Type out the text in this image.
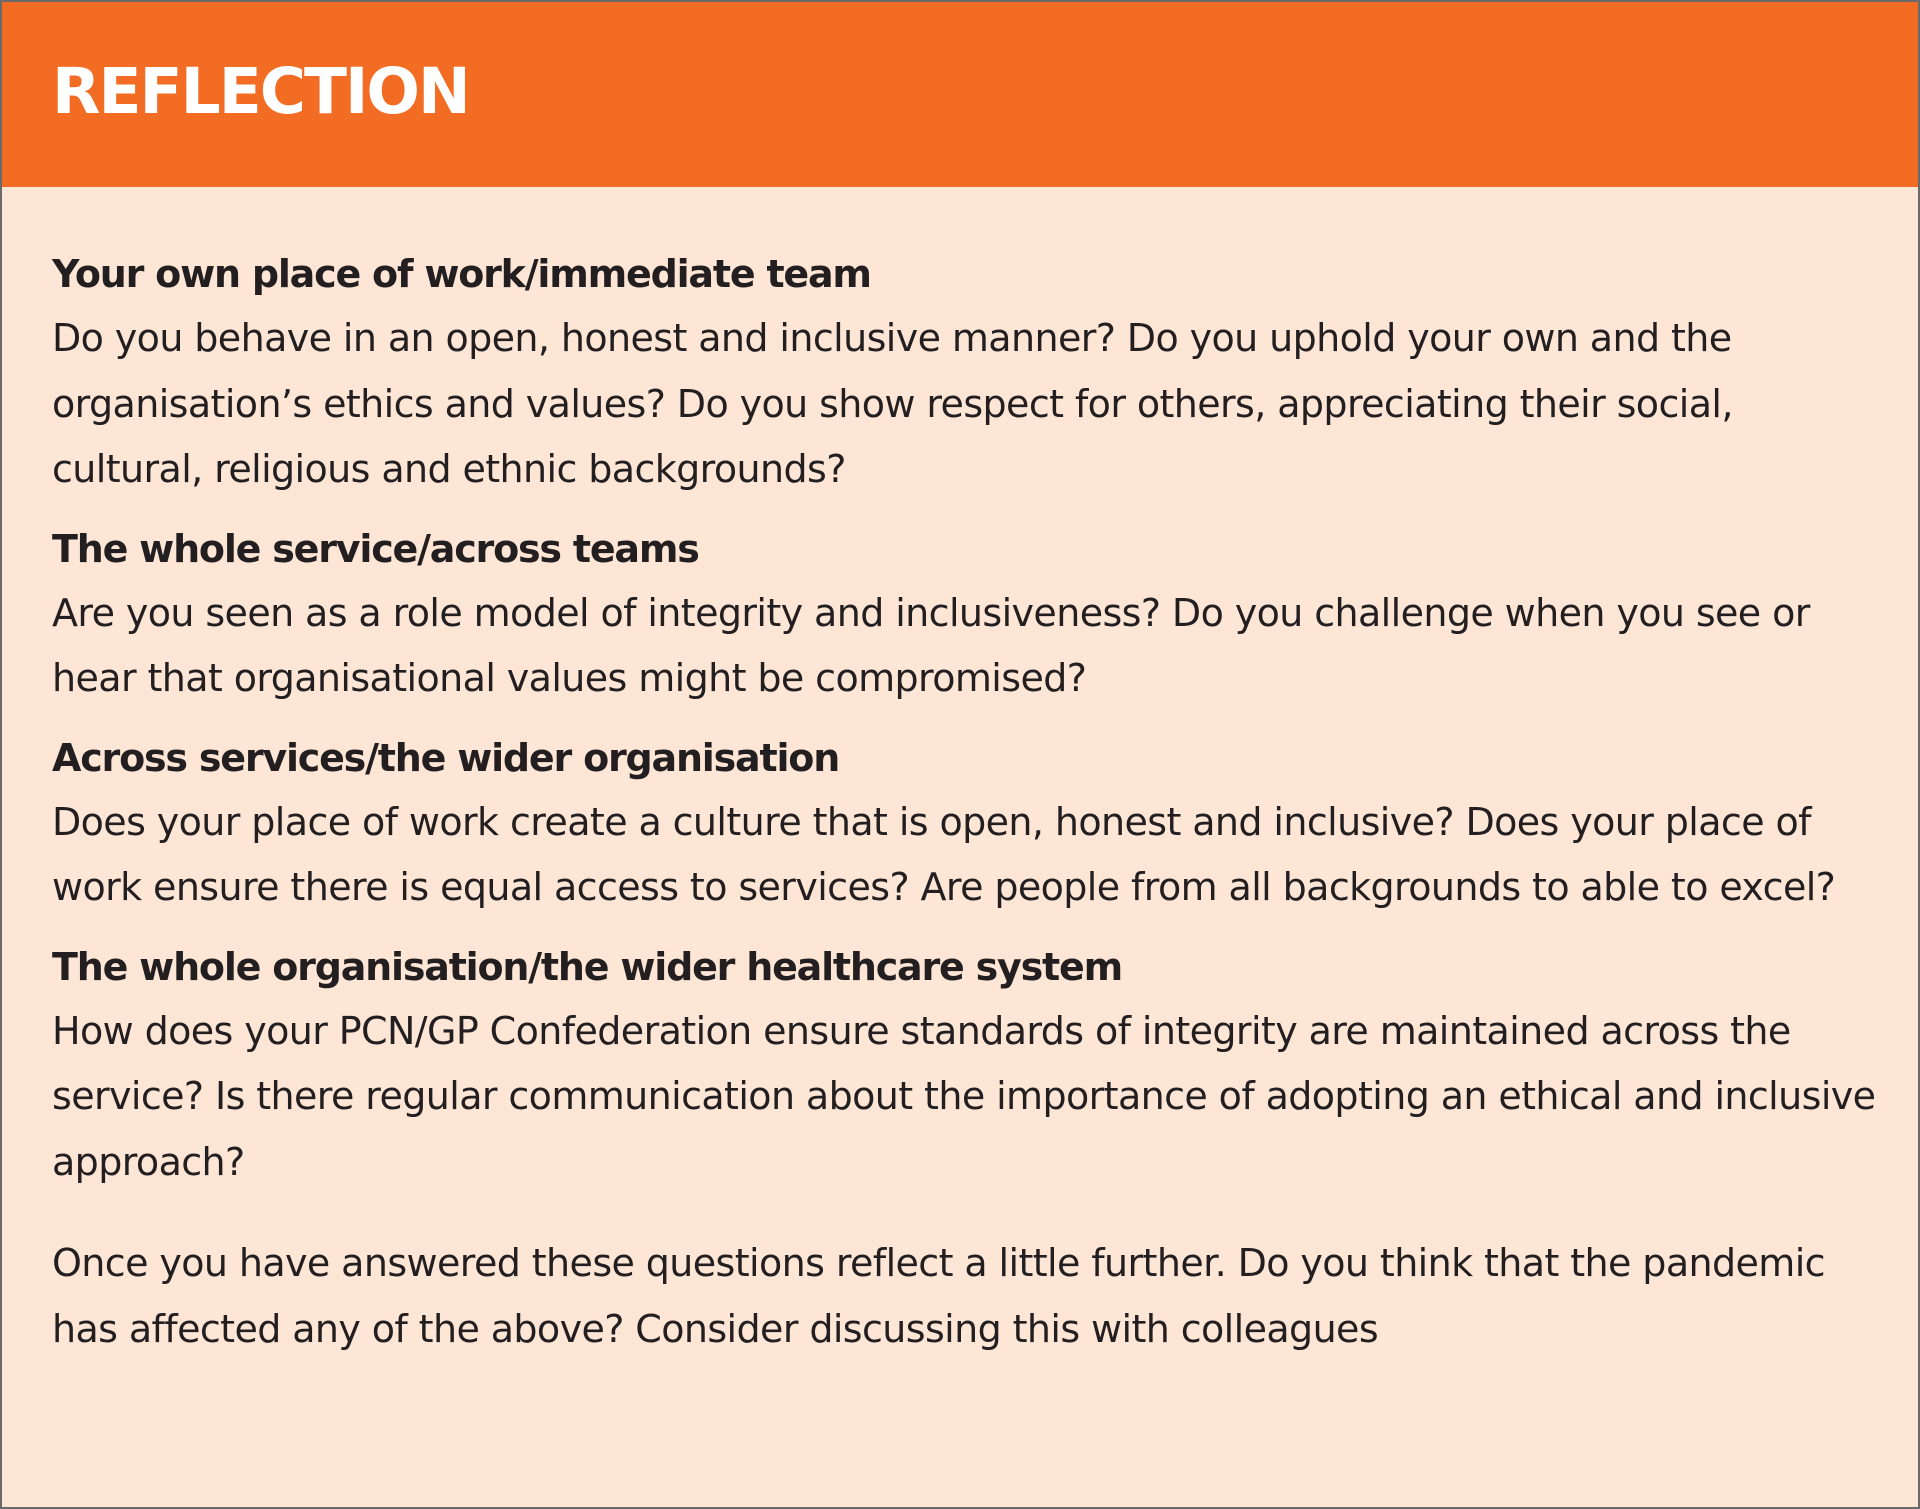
REFLECTION
Your own place of work/immediate team

Do you behave in an open, honest and inclusive manner? Do you uphold your own and the organisation’s ethics and values? Do you show respect for others, appreciating their social, cultural, religious and ethnic backgrounds?

The whole service/across teams

Are you seen as a role model of integrity and inclusiveness? Do you challenge when you see or hear that organisational values might be compromised?

Across services/the wider organisation

Does your place of work create a culture that is open, honest and inclusive? Does your place of work ensure there is equal access to services? Are people from all backgrounds to able to excel?

The whole organisation/the wider healthcare system

How does your PCN/GP Confederation ensure standards of integrity are maintained across the service? Is there regular communication about the importance of adopting an ethical and inclusive approach?

Once you have answered these questions reflect a little further. Do you think that the pandemic has affected any of the above? Consider discussing this with colleagues
